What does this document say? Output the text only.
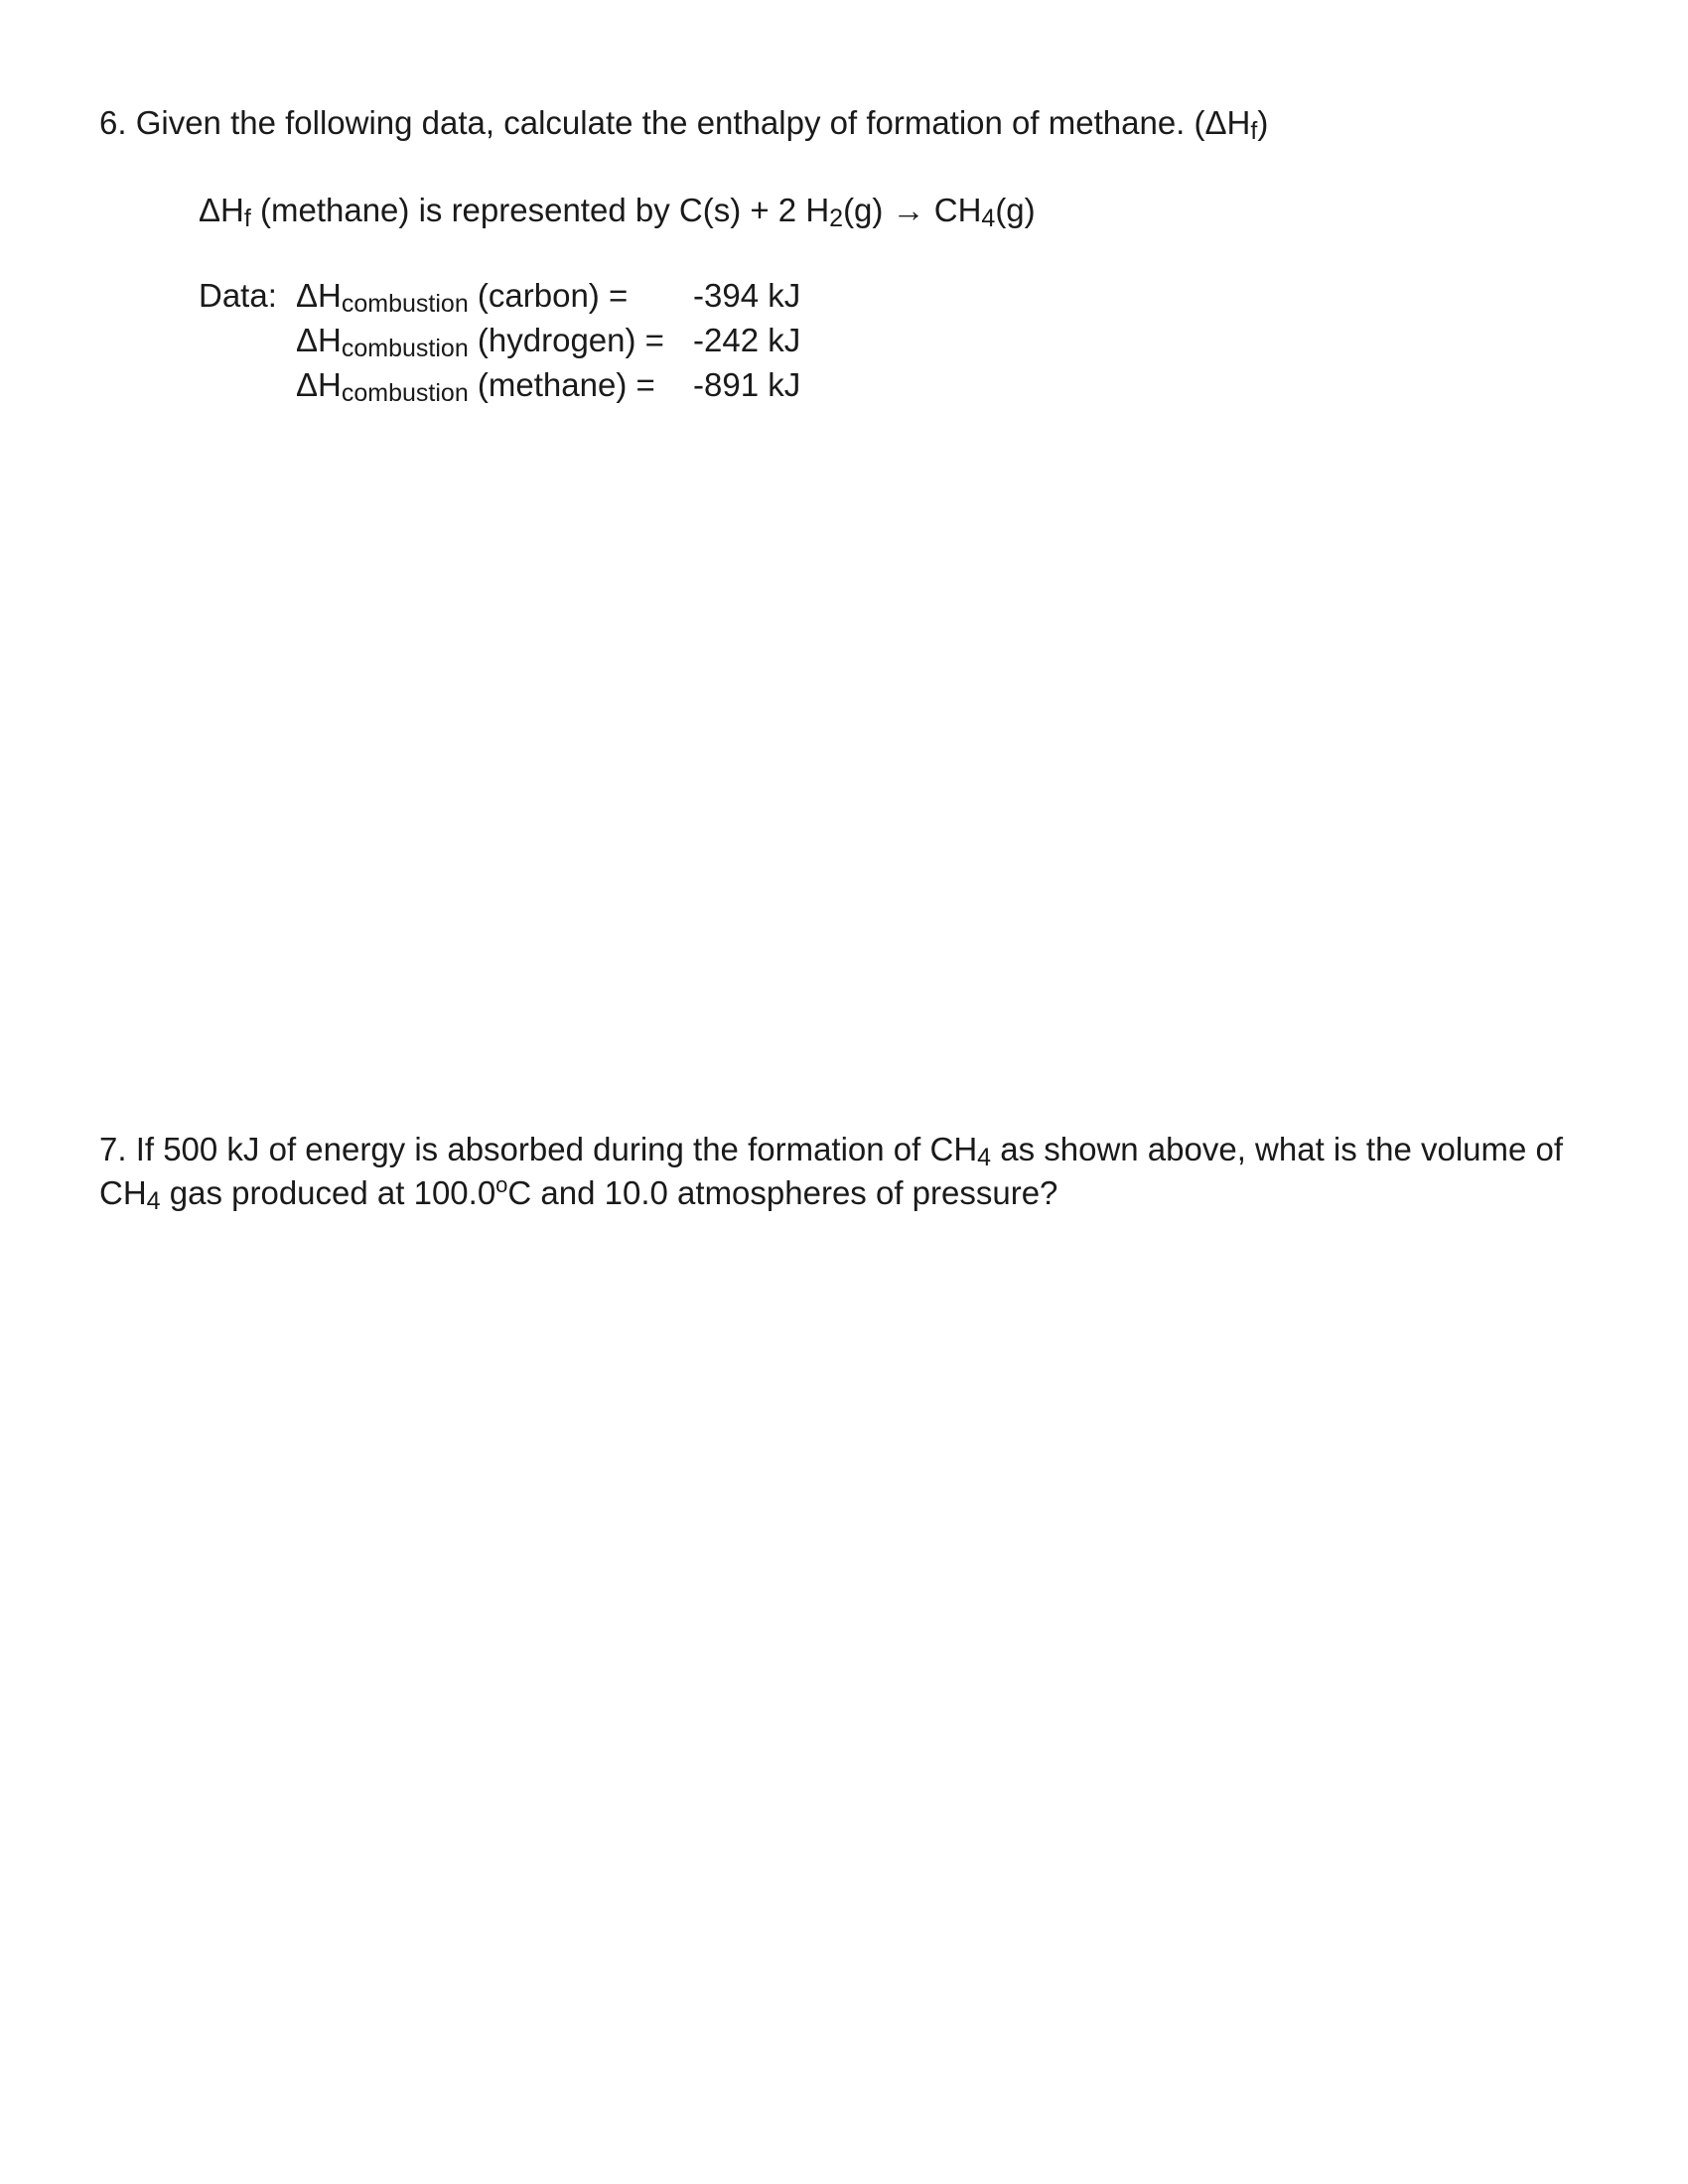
6. Given the following data, calculate the enthalpy of formation of methane. (ΔHf)
ΔHf (methane) is represented by C(s) + 2 H2(g) → CH4(g)
Data: ΔHcombustion (carbon) = -394 kJ
ΔHcombustion (hydrogen) = -242 kJ
ΔHcombustion (methane) = -891 kJ
7. If 500 kJ of energy is absorbed during the formation of CH4 as shown above, what is the volume of
CH4 gas produced at 100.0$^o$C and 10.0 atmospheres of pressure?
